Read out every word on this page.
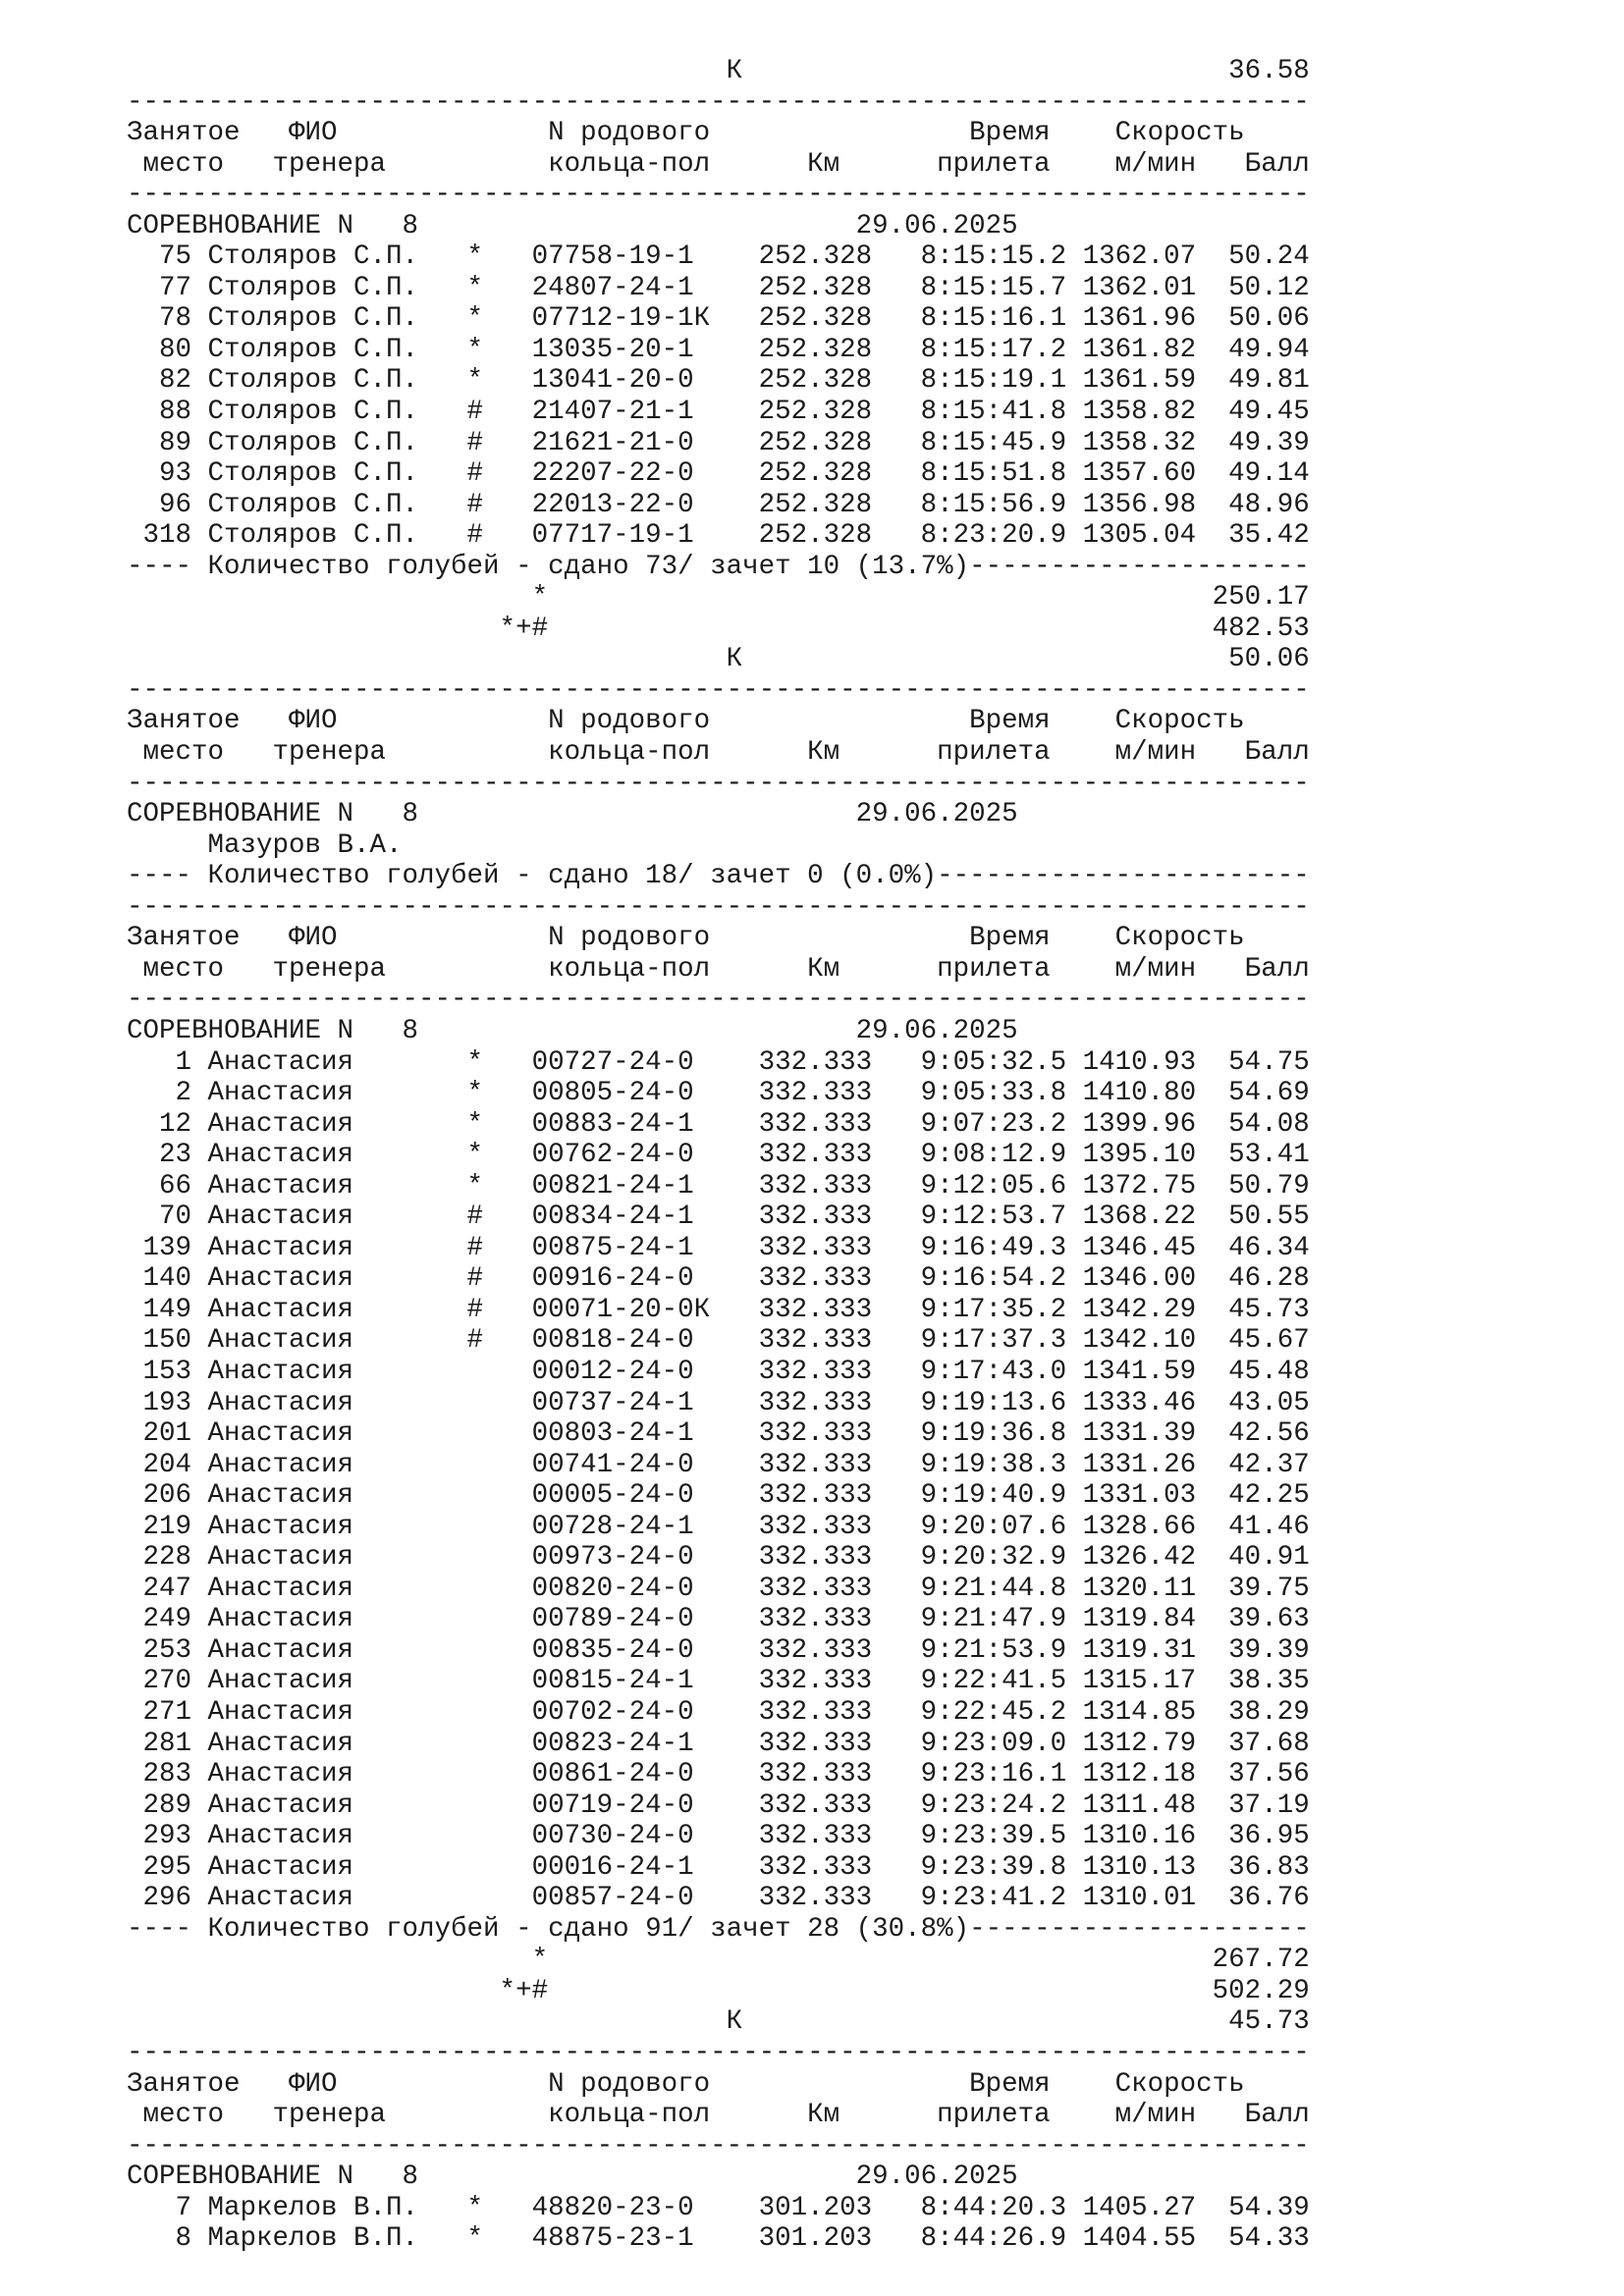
К                              36.58
-------------------------------------------------------------------------
Занятое   ФИО             N родового                Время    Скорость
место   тренера          кольца-пол      Км      прилета    м/мин   Балл
-------------------------------------------------------------------------
СОРЕВНОВАНИЕ N   8                           29.06.2025
75 Столяров С.П.   *   07758-19-1    252.328   8:15:15.2 1362.07  50.24
77 Столяров С.П.   *   24807-24-1    252.328   8:15:15.7 1362.01  50.12
78 Столяров С.П.   *   07712-19-1К   252.328   8:15:16.1 1361.96  50.06
80 Столяров С.П.   *   13035-20-1    252.328   8:15:17.2 1361.82  49.94
82 Столяров С.П.   *   13041-20-0    252.328   8:15:19.1 1361.59  49.81
88 Столяров С.П.   #   21407-21-1    252.328   8:15:41.8 1358.82  49.45
89 Столяров С.П.   #   21621-21-0    252.328   8:15:45.9 1358.32  49.39
93 Столяров С.П.   #   22207-22-0    252.328   8:15:51.8 1357.60  49.14
96 Столяров С.П.   #   22013-22-0    252.328   8:15:56.9 1356.98  48.96
318 Столяров С.П.   #   07717-19-1    252.328   8:23:20.9 1305.04  35.42
---- Количество голубей - сдано 73/ зачет 10 (13.7%)---------------------
*                                         250.17
*+#                                         482.53
К                              50.06
-------------------------------------------------------------------------
Занятое   ФИО             N родового                Время    Скорость
место   тренера          кольца-пол      Км      прилета    м/мин   Балл
-------------------------------------------------------------------------
СОРЕВНОВАНИЕ N   8                           29.06.2025
Мазуров В.А.
---- Количество голубей - сдано 18/ зачет 0 (0.0%)-----------------------
-------------------------------------------------------------------------
Занятое   ФИО             N родового                Время    Скорость
место   тренера          кольца-пол      Км      прилета    м/мин   Балл
-------------------------------------------------------------------------
СОРЕВНОВАНИЕ N   8                           29.06.2025
1 Анастасия       *   00727-24-0    332.333   9:05:32.5 1410.93  54.75
2 Анастасия       *   00805-24-0    332.333   9:05:33.8 1410.80  54.69
12 Анастасия       *   00883-24-1    332.333   9:07:23.2 1399.96  54.08
23 Анастасия       *   00762-24-0    332.333   9:08:12.9 1395.10  53.41
66 Анастасия       *   00821-24-1    332.333   9:12:05.6 1372.75  50.79
70 Анастасия       #   00834-24-1    332.333   9:12:53.7 1368.22  50.55
139 Анастасия       #   00875-24-1    332.333   9:16:49.3 1346.45  46.34
140 Анастасия       #   00916-24-0    332.333   9:16:54.2 1346.00  46.28
149 Анастасия       #   00071-20-0К   332.333   9:17:35.2 1342.29  45.73
150 Анастасия       #   00818-24-0    332.333   9:17:37.3 1342.10  45.67
153 Анастасия           00012-24-0    332.333   9:17:43.0 1341.59  45.48
193 Анастасия           00737-24-1    332.333   9:19:13.6 1333.46  43.05
201 Анастасия           00803-24-1    332.333   9:19:36.8 1331.39  42.56
204 Анастасия           00741-24-0    332.333   9:19:38.3 1331.26  42.37
206 Анастасия           00005-24-0    332.333   9:19:40.9 1331.03  42.25
219 Анастасия           00728-24-1    332.333   9:20:07.6 1328.66  41.46
228 Анастасия           00973-24-0    332.333   9:20:32.9 1326.42  40.91
247 Анастасия           00820-24-0    332.333   9:21:44.8 1320.11  39.75
249 Анастасия           00789-24-0    332.333   9:21:47.9 1319.84  39.63
253 Анастасия           00835-24-0    332.333   9:21:53.9 1319.31  39.39
270 Анастасия           00815-24-1    332.333   9:22:41.5 1315.17  38.35
271 Анастасия           00702-24-0    332.333   9:22:45.2 1314.85  38.29
281 Анастасия           00823-24-1    332.333   9:23:09.0 1312.79  37.68
283 Анастасия           00861-24-0    332.333   9:23:16.1 1312.18  37.56
289 Анастасия           00719-24-0    332.333   9:23:24.2 1311.48  37.19
293 Анастасия           00730-24-0    332.333   9:23:39.5 1310.16  36.95
295 Анастасия           00016-24-1    332.333   9:23:39.8 1310.13  36.83
296 Анастасия           00857-24-0    332.333   9:23:41.2 1310.01  36.76
---- Количество голубей - сдано 91/ зачет 28 (30.8%)---------------------
*                                         267.72
*+#                                         502.29
К                              45.73
-------------------------------------------------------------------------
Занятое   ФИО             N родового                Время    Скорость
место   тренера          кольца-пол      Км      прилета    м/мин   Балл
-------------------------------------------------------------------------
СОРЕВНОВАНИЕ N   8                           29.06.2025
7 Маркелов В.П.   *   48820-23-0    301.203   8:44:20.3 1405.27  54.39
8 Маркелов В.П.   *   48875-23-1    301.203   8:44:26.9 1404.55  54.33
